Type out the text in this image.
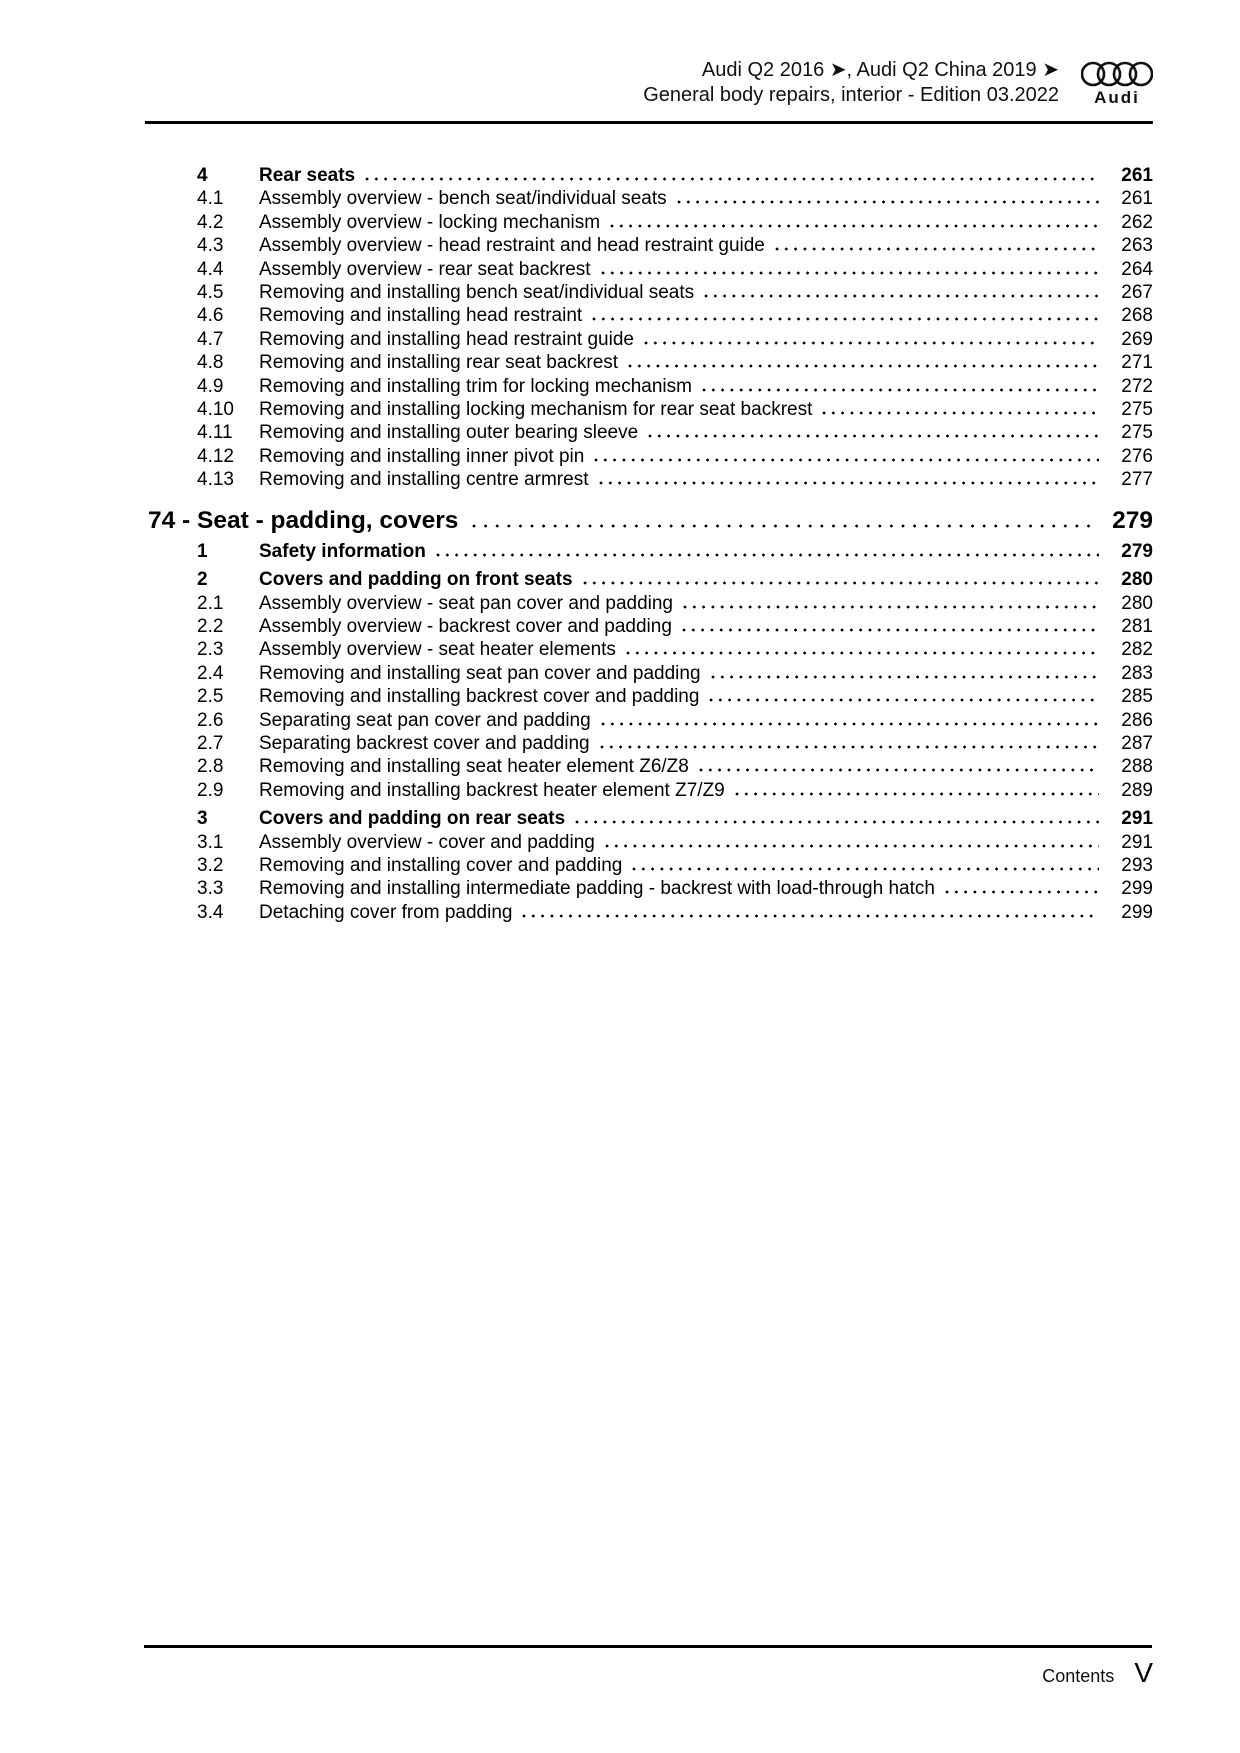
Audi Q2 2016 ➤, Audi Q2 China 2019 ➤
General body repairs, interior - Edition 03.2022 Audi
4	Rear seats	261
4.1	Assembly overview - bench seat/individual seats	261
4.2	Assembly overview - locking mechanism	262
4.3	Assembly overview - head restraint and head restraint guide	263
4.4	Assembly overview - rear seat backrest	264
4.5	Removing and installing bench seat/individual seats	267
4.6	Removing and installing head restraint	268
4.7	Removing and installing head restraint guide	269
4.8	Removing and installing rear seat backrest	271
4.9	Removing and installing trim for locking mechanism	272
4.10	Removing and installing locking mechanism for rear seat backrest	275
4.11	Removing and installing outer bearing sleeve	275
4.12	Removing and installing inner pivot pin	276
4.13	Removing and installing centre armrest	277
74 - Seat - padding, covers	279
1	Safety information	279
2	Covers and padding on front seats	280
2.1	Assembly overview - seat pan cover and padding	280
2.2	Assembly overview - backrest cover and padding	281
2.3	Assembly overview - seat heater elements	282
2.4	Removing and installing seat pan cover and padding	283
2.5	Removing and installing backrest cover and padding	285
2.6	Separating seat pan cover and padding	286
2.7	Separating backrest cover and padding	287
2.8	Removing and installing seat heater element Z6/Z8	288
2.9	Removing and installing backrest heater element Z7/Z9	289
3	Covers and padding on rear seats	291
3.1	Assembly overview - cover and padding	291
3.2	Removing and installing cover and padding	293
3.3	Removing and installing intermediate padding - backrest with load-through hatch	299
3.4	Detaching cover from padding	299
Contents V
